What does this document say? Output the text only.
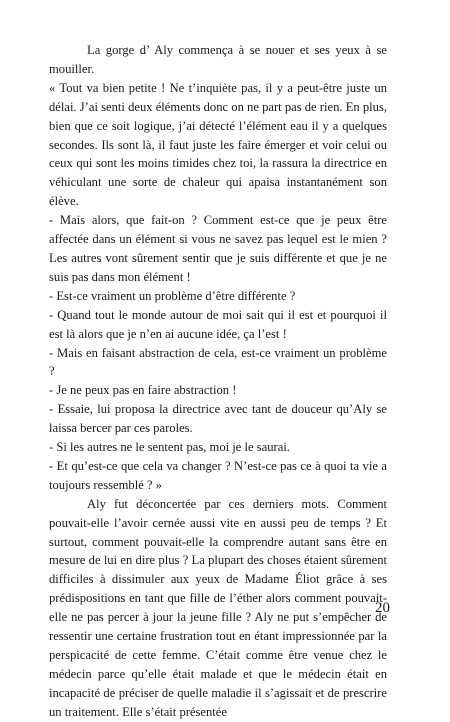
La gorge d’ Aly commença à se nouer et ses yeux à se mouiller.

« Tout va bien petite ! Ne t’inquiète pas, il y a peut-être juste un délai. J’ai senti deux éléments donc on ne part pas de rien. En plus, bien que ce soit logique, j’ai détecté l’élément eau il y a quelques secondes. Ils sont là, il faut juste les faire émerger et voir celui ou ceux qui sont les moins timides chez toi, la rassura la directrice en véhiculant une sorte de chaleur qui apaisa instantanément son élève.

- Mais alors, que fait-on ? Comment est-ce que je peux être affectée dans un élément si vous ne savez pas lequel est le mien ? Les autres vont sûrement sentir que je suis différente et que je ne suis pas dans mon élément !

- Est-ce vraiment un problème d’être différente ?

- Quand tout le monde autour de moi sait qui il est et pourquoi il est là alors que je n’en ai aucune idée, ça l’est !

- Mais en faisant abstraction de cela, est-ce vraiment un problème ?

- Je ne peux pas en faire abstraction !

- Essaie, lui proposa la directrice avec tant de douceur qu’Aly se laissa bercer par ces paroles.

- Si les autres ne le sentent pas, moi je le saurai.

- Et qu’est-ce que cela va changer ? N’est-ce pas ce à quoi ta vie a toujours ressemblé ? »

Aly fut déconcertée par ces derniers mots. Comment pouvait-elle l’avoir cernée aussi vite en aussi peu de temps ? Et surtout, comment pouvait-elle la comprendre autant sans être en mesure de lui en dire plus ? La plupart des choses étaient sûrement difficiles à dissimuler aux yeux de Madame Éliot grâce à ses prédispositions en tant que fille de l’éther alors comment pouvait-elle ne pas percer à jour la jeune fille ? Aly ne put s’empêcher de ressentir une certaine frustration tout en étant impressionnée par la perspicacité de cette femme. C’était comme être venue chez le médecin parce qu’elle était malade et que le médecin était en incapacité de préciser de quelle maladie il s’agissait et de prescrire un traitement. Elle s’était présentée

20
